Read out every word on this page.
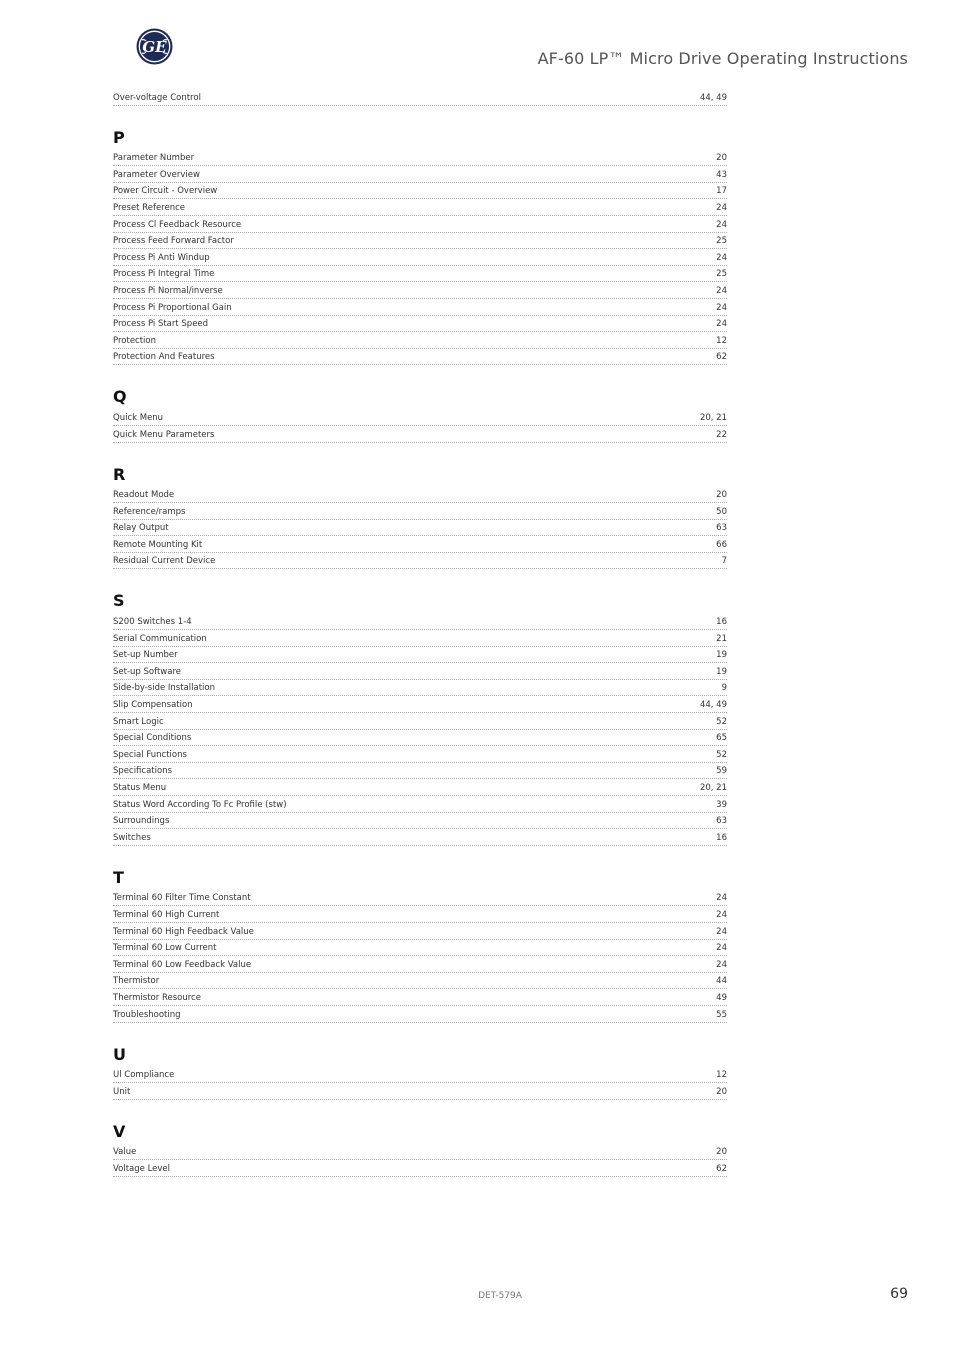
GE
AF-60 LP™ Micro Drive Operating Instructions
Over-voltage Control	44, 49
P
Parameter Number	20
Parameter Overview	43
Power Circuit - Overview	17
Preset Reference	24
Process Cl Feedback Resource	24
Process Feed Forward Factor	25
Process Pi Anti Windup	24
Process Pi Integral Time	25
Process Pi Normal/inverse	24
Process Pi Proportional Gain	24
Process Pi Start Speed	24
Protection	12
Protection And Features	62
Q
Quick Menu	20, 21
Quick Menu Parameters	22
R
Readout Mode	20
Reference/ramps	50
Relay Output	63
Remote Mounting Kit	66
Residual Current Device	7
S
S200 Switches 1-4	16
Serial Communication	21
Set-up Number	19
Set-up Software	19
Side-by-side Installation	9
Slip Compensation	44, 49
Smart Logic	52
Special Conditions	65
Special Functions	52
Specifications	59
Status Menu	20, 21
Status Word According To Fc Profile (stw)	39
Surroundings	63
Switches	16
T
Terminal 60 Filter Time Constant	24
Terminal 60 High Current	24
Terminal 60 High Feedback Value	24
Terminal 60 Low Current	24
Terminal 60 Low Feedback Value	24
Thermistor	44
Thermistor Resource	49
Troubleshooting	55
U
Ul Compliance	12
Unit	20
V
Value	20
Voltage Level	62
DET-579A	69
